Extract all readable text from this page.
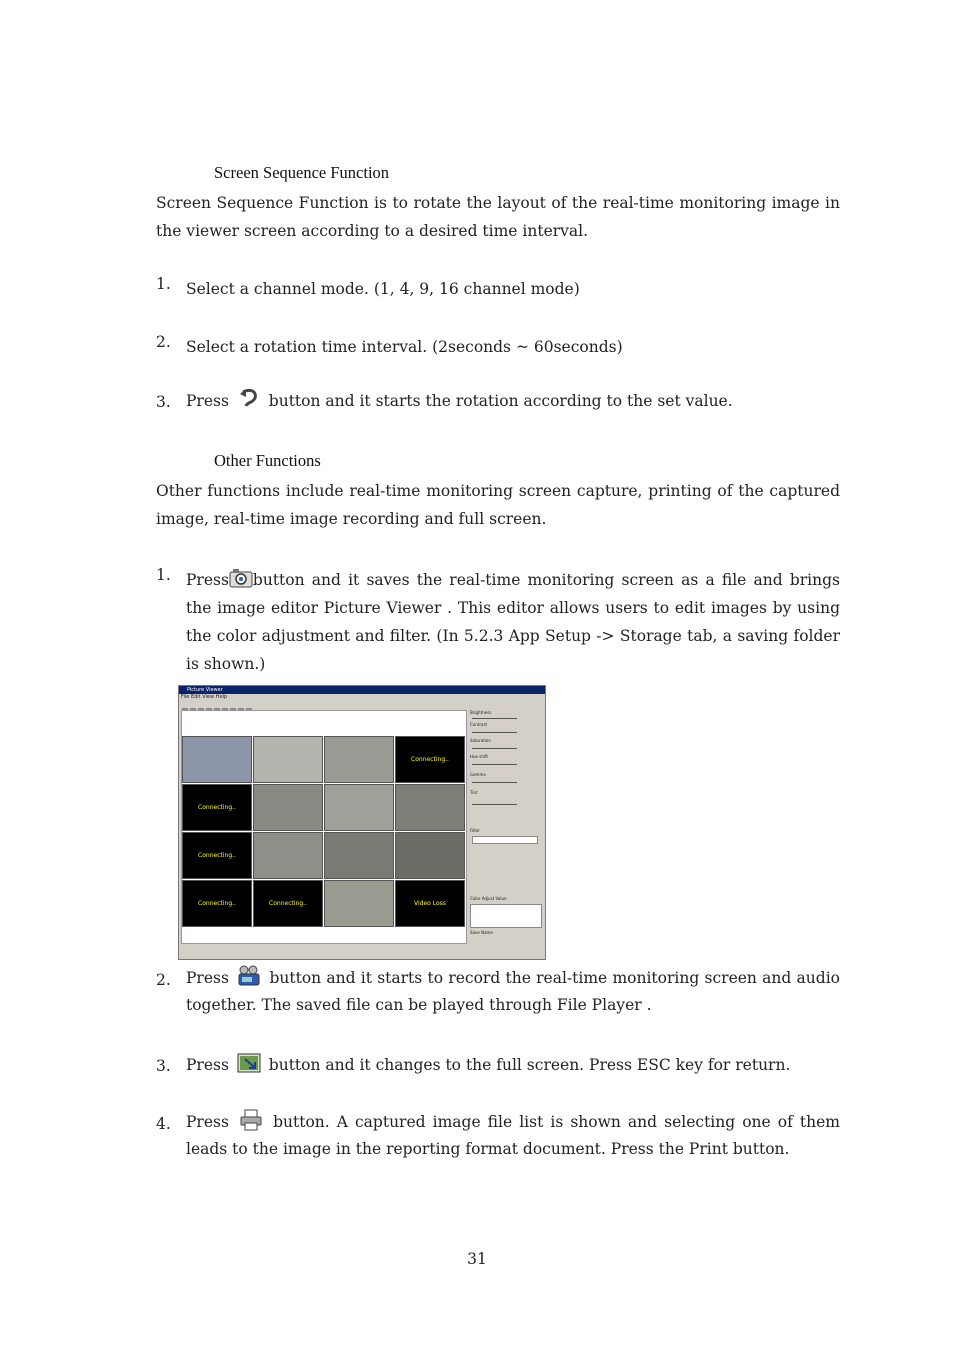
Screen Sequence Function
Screen Sequence Function is to rotate the layout of the real-time monitoring image in the viewer screen according to a desired time interval.
1. Select a channel mode. (1, 4, 9, 16 channel mode)
2. Select a rotation time interval. (2seconds ~ 60seconds)
3. Press	button and it starts the rotation according to the set value.
Other Functions
Other functions include real-time monitoring screen capture, printing of the captured image, real-time image recording and full screen.
1. Press button and it saves the real-time monitoring screen as a file and brings the image editor Picture Viewer . This editor allows users to edit images by using the color adjustment and filter. (In 5.2.3 App Setup -> Storage tab, a saving folder is shown.)
Picture Viewer
File Edit View Help
Connecting..
Connecting..
Connecting..
Connecting..	Connecting..	Video Loss
Brightness
Contrast
Saturation
Hue shift
Gamma
Tint
Filter
Color Adjust Value
Save Name
2. Press	button and it starts to record the real-time monitoring screen and audio together. The saved file can be played through File Player .
3. Press	button and it changes to the full screen. Press ESC key for return.
4. Press	button. A captured image file list is shown and selecting one of them leads to the image in the reporting format document. Press the Print button.
31
